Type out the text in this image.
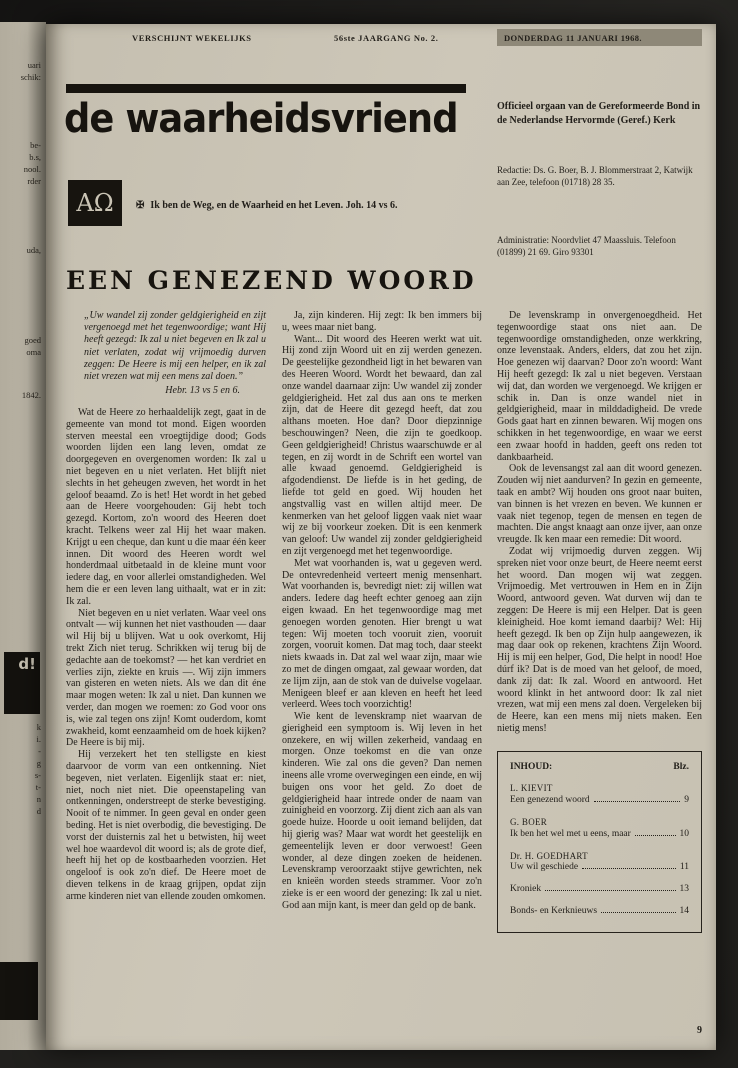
uari
schik:
be-
b.s,
nool.
rder
uda,
goed
oma
1842.
d!
k
i.
-
g
s-
t-
n
d
VERSCHIJNT WEKELIJKS	56ste JAARGANG No. 2.	DONDERDAG 11 JANUARI 1968.
de waarheidsvriend
ΑΩ ✠ Ik ben de Weg, en de Waarheid en het Leven. Joh. 14 vs 6.
Officieel orgaan van de Gereformeerde Bond in de Nederlandse Hervormde (Geref.) Kerk
Redactie: Ds. G. Boer, B. J. Blommerstraat 2, Katwijk aan Zee, telefoon (01718) 28 35.
Administratie: Noordvliet 47 Maassluis. Telefoon (01899) 21 69. Giro 93301
EEN GENEZEND WOORD
„Uw wandel zij zonder geldgierigheid en zijt vergenoegd met het tegenwoordige; want Hij heeft gezegd: Ik zal u niet begeven en Ik zal u niet verlaten, zodat wij vrijmoedig durven zeggen: De Heere is mij een helper, en ik zal niet vrezen wat mij een mens zal doen.”
Hebr. 13 vs 5 en 6.

Wat de Heere zo herhaaldelijk zegt, gaat in de gemeente van mond tot mond. Eigen woorden sterven meestal een vroegtijdige dood; Gods woorden lijden een lang leven, omdat ze doorgegeven en overgenomen worden: Ik zal u niet begeven en u niet verlaten. Het blijft niet slechts in het geheugen zweven, het wordt in het geloof beaamd. Zo is het! Het wordt in het gebed aan de Heere voorgehouden: Gij hebt toch gezegd. Kortom, zo'n woord des Heeren doet kracht. Telkens weer zal Hij het waar maken. Krijgt u een cheque, dan kunt u die maar één keer innen. Dit woord des Heeren wordt wel honderdmaal uitbetaald in de kleine munt voor iedere dag, en voor allerlei omstandigheden. Wel hem die er een leven lang uithaalt, wat er in zit: Ik zal.

Niet begeven en u niet verlaten. Waar veel ons ontvalt — wij kunnen het niet vasthouden — daar wil Hij bij u blijven. Wat u ook overkomt, Hij trekt Zich niet terug. Schrikken wij terug bij de gedachte aan de toekomst? — het kan verdriet en verlies zijn, ziekte en kruis —. Wij zijn immers van gisteren en weten niets. Als we dan dit éne maar mogen weten: Ik zal u niet. Dan kunnen we verder, dan mogen we roemen: zo God voor ons is, wie zal tegen ons zijn! Komt ouderdom, komt zwakheid, komt eenzaamheid om de hoek kijken? De Heere is bij mij.

Hij verzekert het ten stelligste en kiest daarvoor de vorm van een ontkenning. Niet begeven, niet verlaten. Eigenlijk staat er: niet, niet, noch niet niet. Die opeenstapeling van ontkenningen, onderstreept de sterke bevestiging. Nooit of te nimmer. In geen geval en onder geen beding. Het is niet overbodig, die bevestiging. De vorst der duisternis zal het u betwisten, hij weet wel hoe waardevol dit woord is; als de grote dief, heeft hij het op de kostbaarheden voorzien. Het ongeloof is ook zo'n dief. De Heere moet de dieven telkens in de kraag grijpen, opdat zijn arme kinderen niet van ellende zouden omkomen.

Ja, zijn kinderen. Hij zegt: Ik ben immers bij u, wees maar niet bang.

Want... Dit woord des Heeren werkt wat uit. Hij zond zijn Woord uit en zij werden genezen. De geestelijke gezondheid ligt in het bewaren van des Heeren Woord. Wordt het bewaard, dan zal onze wandel daarnaar zijn: Uw wandel zij zonder geldgierigheid. Het zal dus aan ons te merken zijn, dat de Heere dit gezegd heeft, dat zou althans moeten. Hoe dan? Door diepzinnige beschouwingen? Neen, die zijn te goedkoop. Geen geldgierigheid! Christus waarschuwde er al tegen, en zij wordt in de Schrift een wortel van alle kwaad genoemd. Geldgierigheid is afgodendienst. De liefde is in het geding, de liefde tot geld en goed. Wij houden het angstvallig vast en willen altijd meer. De kenmerken van het geloof liggen vaak niet waar wij ze bij voorkeur zoeken. Dit is een kenmerk van geloof: Uw wandel zij zonder geldgierigheid en zijt vergenoegd met het tegenwoordige.

Met wat voorhanden is, wat u gegeven werd. De ontevredenheid verteert menig mensenhart. Wat voorhanden is, bevredigt niet: zij willen wat anders. Iedere dag heeft echter genoeg aan zijn eigen kwaad. En het tegenwoordige mag met genoegen worden genoten. Hier brengt u wat tegen: Wij moeten toch vooruit zien, vooruit zorgen, vooruit komen. Dat mag toch, daar steekt niets kwaads in. Dat zal wel waar zijn, maar wie zo met de dingen omgaat, zal gewaar worden, dat ze lijm zijn, aan de stok van de duivelse vogelaar. Menigeen bleef er aan kleven en heeft het leed verleerd. Wees toch voorzichtig!

Wie kent de levenskramp niet waarvan de gierigheid een symptoom is. Wij leven in het onzekere, en wij willen zekerheid, vandaag en morgen. Onze toekomst en die van onze kinderen. Wie zal ons die geven? Dan nemen ineens alle vrome overwegingen een einde, en wij buigen ons voor het geld. Zo doet de geldgierigheid haar intrede onder de naam van zuinigheid en voorzorg. Zij dient zich aan als van goede huize. Hoorde u ooit iemand belijden, dat hij gierig was? Maar wat wordt het geestelijk en gemeentelijk leven er door verwoest! Geen wonder, al deze dingen zoeken de heidenen. Levenskramp veroorzaakt stijve gewrichten, nek en knieën worden steeds strammer. Voor zo'n zieke is er een woord der genezing: Ik zal u niet. God aan mijn kant, is meer dan geld op de bank.

De levenskramp in onvergenoegdheid. Het tegenwoordige staat ons niet aan. De tegenwoordige omstandigheden, onze werkkring, onze levenstaak. Anders, elders, dat zou het zijn. Hoe genezen wij daarvan? Door zo'n woord: Want Hij heeft gezegd: Ik zal u niet begeven. Verstaan wij dat, dan worden we vergenoegd. We krijgen er schik in. Dan is onze wandel niet in geldgierigheid, maar in milddadigheid. De vrede Gods gaat hart en zinnen bewaren. Wij mogen ons schikken in het tegenwoordige, en waar we eerst een zwaar hoofd in hadden, geeft ons reden tot dankbaarheid.

Ook de levensangst zal aan dit woord genezen. Zouden wij niet aandurven? In gezin en gemeente, taak en ambt? Wij houden ons groot naar buiten, van binnen is het vrezen en beven. We kunnen er vaak niet tegenop, tegen de mensen en tegen de machten. Die angst knaagt aan onze ijver, aan onze vreugde. Ik ken maar een remedie: Dit woord.

Zodat wij vrijmoedig durven zeggen. Wij spreken niet voor onze beurt, de Heere neemt eerst het woord. Dan mogen wij wat zeggen. Vrijmoedig. Met vertrouwen in Hem en in Zijn Woord, antwoord geven. Wat durven wij dan te zeggen: De Heere is mij een Helper. Dat is geen kleinigheid. Hoe komt iemand daarbij? Wel: Hij heeft gezegd. Ik ben op Zijn hulp aangewezen, ik mag daar ook op rekenen, krachtens Zijn Woord. Hij is mij een helper, God, Die helpt in nood! Hoe dúrf ik? Dat is de moed van het geloof, de moed, dank zij dat: Ik zal. Woord en antwoord. Het woord klinkt in het antwoord door: Ik zal niet vrezen, wat mij een mens zal doen. Vergeleken bij de Heere, kan een mens mij niets maken. Een nietig mens!

INHOUD:	Blz.
L. KIEVIT
Een genezend woord	9
G. BOER
Ik ben het wel met u eens, maar	10
Dr. H. GOEDHART
Uw wil geschiede	11
Kroniek	13
Bonds- en Kerknieuws	14
9
